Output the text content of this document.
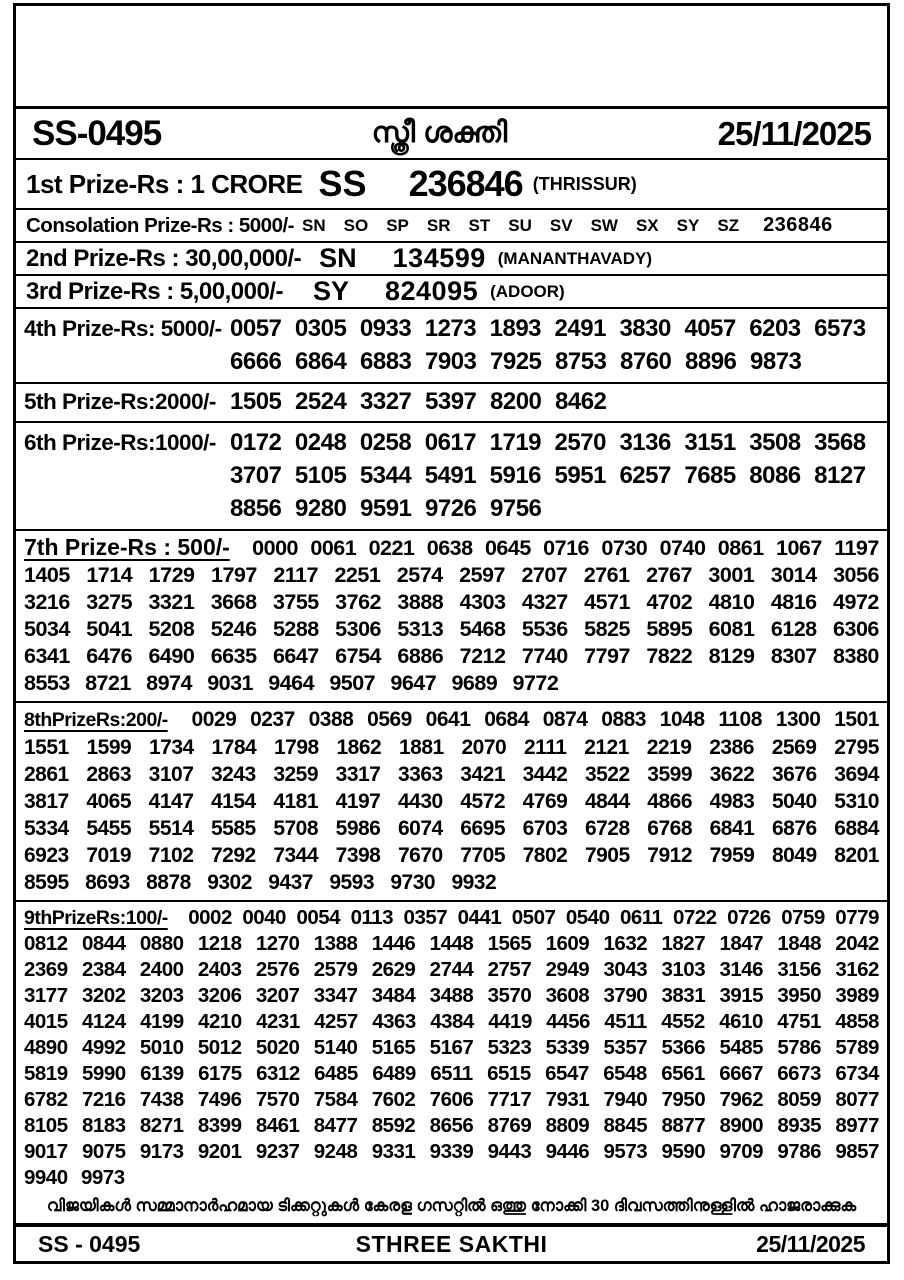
SS-0495	സ്ത്രീ ശക്തി	25/11/2025
1st Prize-Rs : 1 CRORE SS 236846 (THRISSUR)
Consolation Prize-Rs : 5000/- SN SO SP SR ST SU SV SW SX SY SZ 236846
2nd Prize-Rs : 30,00,000/- SN 134599 (MANANTHAVADY)
3rd Prize-Rs : 5,00,000/- SY 824095 (ADOOR)
4th Prize-Rs: 5000/- 0057 0305 0933 1273 1893 2491 3830 4057 6203 6573
6666 6864 6883 7903 7925 8753 8760 8896 9873
5th Prize-Rs:2000/- 1505 2524 3327 5397 8200 8462
6th Prize-Rs:1000/- 0172 0248 0258 0617 1719 2570 3136 3151 3508 3568
3707 5105 5344 5491 5916 5951 6257 7685 8086 8127
8856 9280 9591 9726 9756
7th Prize-Rs : 500/- 0000 0061 0221 0638 0645 0716 0730 0740 0861 1067 1197
1405 1714 1729 1797 2117 2251 2574 2597 2707 2761 2767 3001 3014 3056
3216 3275 3321 3668 3755 3762 3888 4303 4327 4571 4702 4810 4816 4972
5034 5041 5208 5246 5288 5306 5313 5468 5536 5825 5895 6081 6128 6306
6341 6476 6490 6635 6647 6754 6886 7212 7740 7797 7822 8129 8307 8380
8553 8721 8974 9031 9464 9507 9647 9689 9772
8thPrizeRs:200/- 0029 0237 0388 0569 0641 0684 0874 0883 1048 1108 1300 1501
1551 1599 1734 1784 1798 1862 1881 2070 2111 2121 2219 2386 2569 2795
2861 2863 3107 3243 3259 3317 3363 3421 3442 3522 3599 3622 3676 3694
3817 4065 4147 4154 4181 4197 4430 4572 4769 4844 4866 4983 5040 5310
5334 5455 5514 5585 5708 5986 6074 6695 6703 6728 6768 6841 6876 6884
6923 7019 7102 7292 7344 7398 7670 7705 7802 7905 7912 7959 8049 8201
8595 8693 8878 9302 9437 9593 9730 9932
9thPrizeRs:100/- 0002 0040 0054 0113 0357 0441 0507 0540 0611 0722 0726 0759 0779
0812 0844 0880 1218 1270 1388 1446 1448 1565 1609 1632 1827 1847 1848 2042
2369 2384 2400 2403 2576 2579 2629 2744 2757 2949 3043 3103 3146 3156 3162
3177 3202 3203 3206 3207 3347 3484 3488 3570 3608 3790 3831 3915 3950 3989
4015 4124 4199 4210 4231 4257 4363 4384 4419 4456 4511 4552 4610 4751 4858
4890 4992 5010 5012 5020 5140 5165 5167 5323 5339 5357 5366 5485 5786 5789
5819 5990 6139 6175 6312 6485 6489 6511 6515 6547 6548 6561 6667 6673 6734
6782 7216 7438 7496 7570 7584 7602 7606 7717 7931 7940 7950 7962 8059 8077
8105 8183 8271 8399 8461 8477 8592 8656 8769 8809 8845 8877 8900 8935 8977
9017 9075 9173 9201 9237 9248 9331 9339 9443 9446 9573 9590 9709 9786 9857
9940 9973
വിജയികൾ സമ്മാനാർഹമായ ടിക്കറ്റുകൾ കേരള ഗസറ്റിൽ ഒത്തു നോക്കി 30 ദിവസത്തിനുള്ളിൽ ഹാജരാക്കുക
SS - 0495	STHREE SAKTHI	25/11/2025
